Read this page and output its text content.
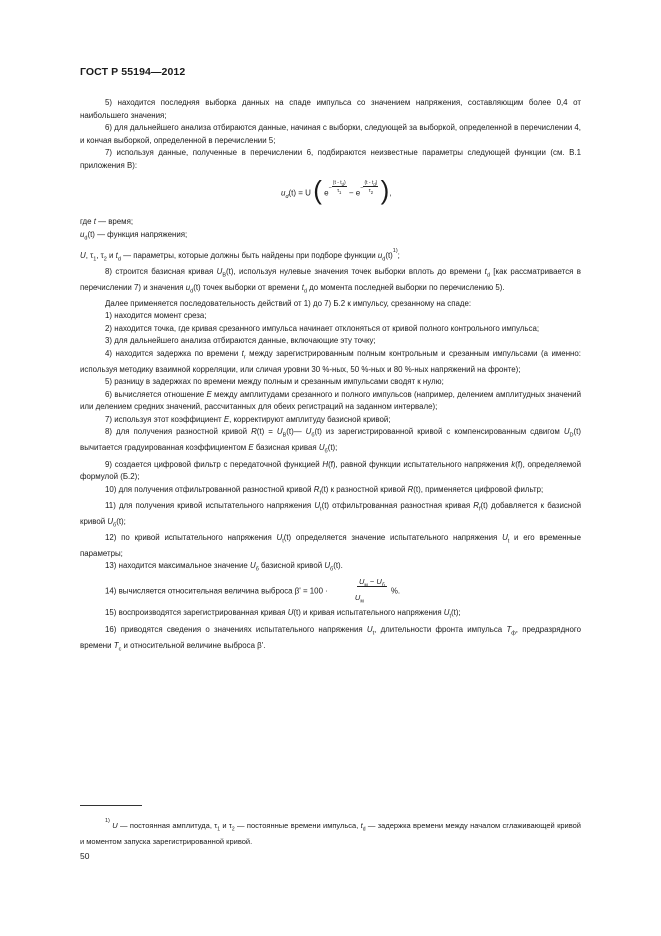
ГОСТ Р 55194—2012

5) находится последняя выборка данных на спаде импульса со значением напряжения, составляющим более 0,4 от наибольшего значения;

6) для дальнейшего анализа отбираются данные, начиная с выборки, следующей за выборкой, определенной в перечислении 4, и кончая выборкой, определенной в перечислении 5;

7) используя данные, полученные в перечислении 6, подбираются неизвестные параметры следующей функции (см. В.1 приложения В):

$u_d(t) = U$ ( $e^{-\frac{(t - t_d)}{\tau_1}} - e^{-\frac{(t - t_d)}{\tau_2}}$ ),

где t — время;

$u_d(t)$ — функция напряжения;

U, $\tau_1$, $\tau_2$ и $t_d$ — параметры, которые должны быть найдены при подборе функции $u_d(t)^{1)}$;

8) строится базисная кривая $U_B(t)$, используя нулевые значения точек выборки вплоть до времени $t_d$ [как рассматривается в перечислении 7) и значения $u_d(t)$ точек выборки от времени $t_d$ до момента последней выборки по перечислению 5).

Далее применяется последовательность действий от 1) до 7) Б.2 к импульсу, срезанному на спаде:

1) находится момент среза;

2) находится точка, где кривая срезанного импульса начинает отклоняться от кривой полного контрольного импульса;

3) для дальнейшего анализа отбираются данные, включающие эту точку;

4) находится задержка по времени $t_r$ между зарегистрированным полным контрольным и срезанным импульсами (а именно: используя методику взаимной корреляции, или сличая уровни 30 %-ных, 50 %-ных и 80 %-ных напряжений на фронте);

5) разницу в задержках по времени между полным и срезанным импульсами сводят к нулю;

6) вычисляется отношение E между амплитудами срезанного и полного импульсов (например, делением амплитудных значений или делением средних значений, рассчитанных для обеих регистраций на заданном интервале);

7) используя этот коэффициент E, корректируют амплитуду базисной кривой;

8) для получения разностной кривой $R(t) = U_B(t)—$ $U_б(t)$ из зарегистрированной кривой с компенсированным сдвигом $U_D(t)$ вычитается градуированная коэффициентом E базисная кривая $U_б(t)$;

9) создается цифровой фильтр с передаточной функцией H(f), равной функции испытательного напряжения k(f), определяемой формулой (Б.2);

10) для получения отфильтрованной разностной кривой $R_f(t)$ к разностной кривой R(t), применяется цифровой фильтр;

11) для получения кривой испытательного напряжения $U_t(t)$ отфильтрованная разностная кривая $R_f(t)$ добавляется к базисной кривой $U_б(t)$;

12) по кривой испытательного напряжения $U_t(t)$ определяется значение испытательного напряжения $U_t$ и его временные параметры;

13) находится максимальное значение $U_б$ базисной кривой $U_б(t)$.

14) вычисляется относительная величина выброса $\beta' = 100 \cdot U_м - U_б$
$U_м$ %.

15) воспроизводятся зарегистрированная кривая U(t) и кривая испытательного напряжения $U_t(t)$;

16) приводятся сведения о значениях испытательного напряжения $U_t$, длительности фронта импульса $T_ф$, предразрядного времени $T_c$ и относительной величине выброса β'.

$^{1)}$ U — постоянная амплитуда, $\tau_1$ и $\tau_2$ — постоянные времени импульса, $t_d$ — задержка времени между началом сглаживающей кривой и моментом запуска зарегистрированной кривой.
50
